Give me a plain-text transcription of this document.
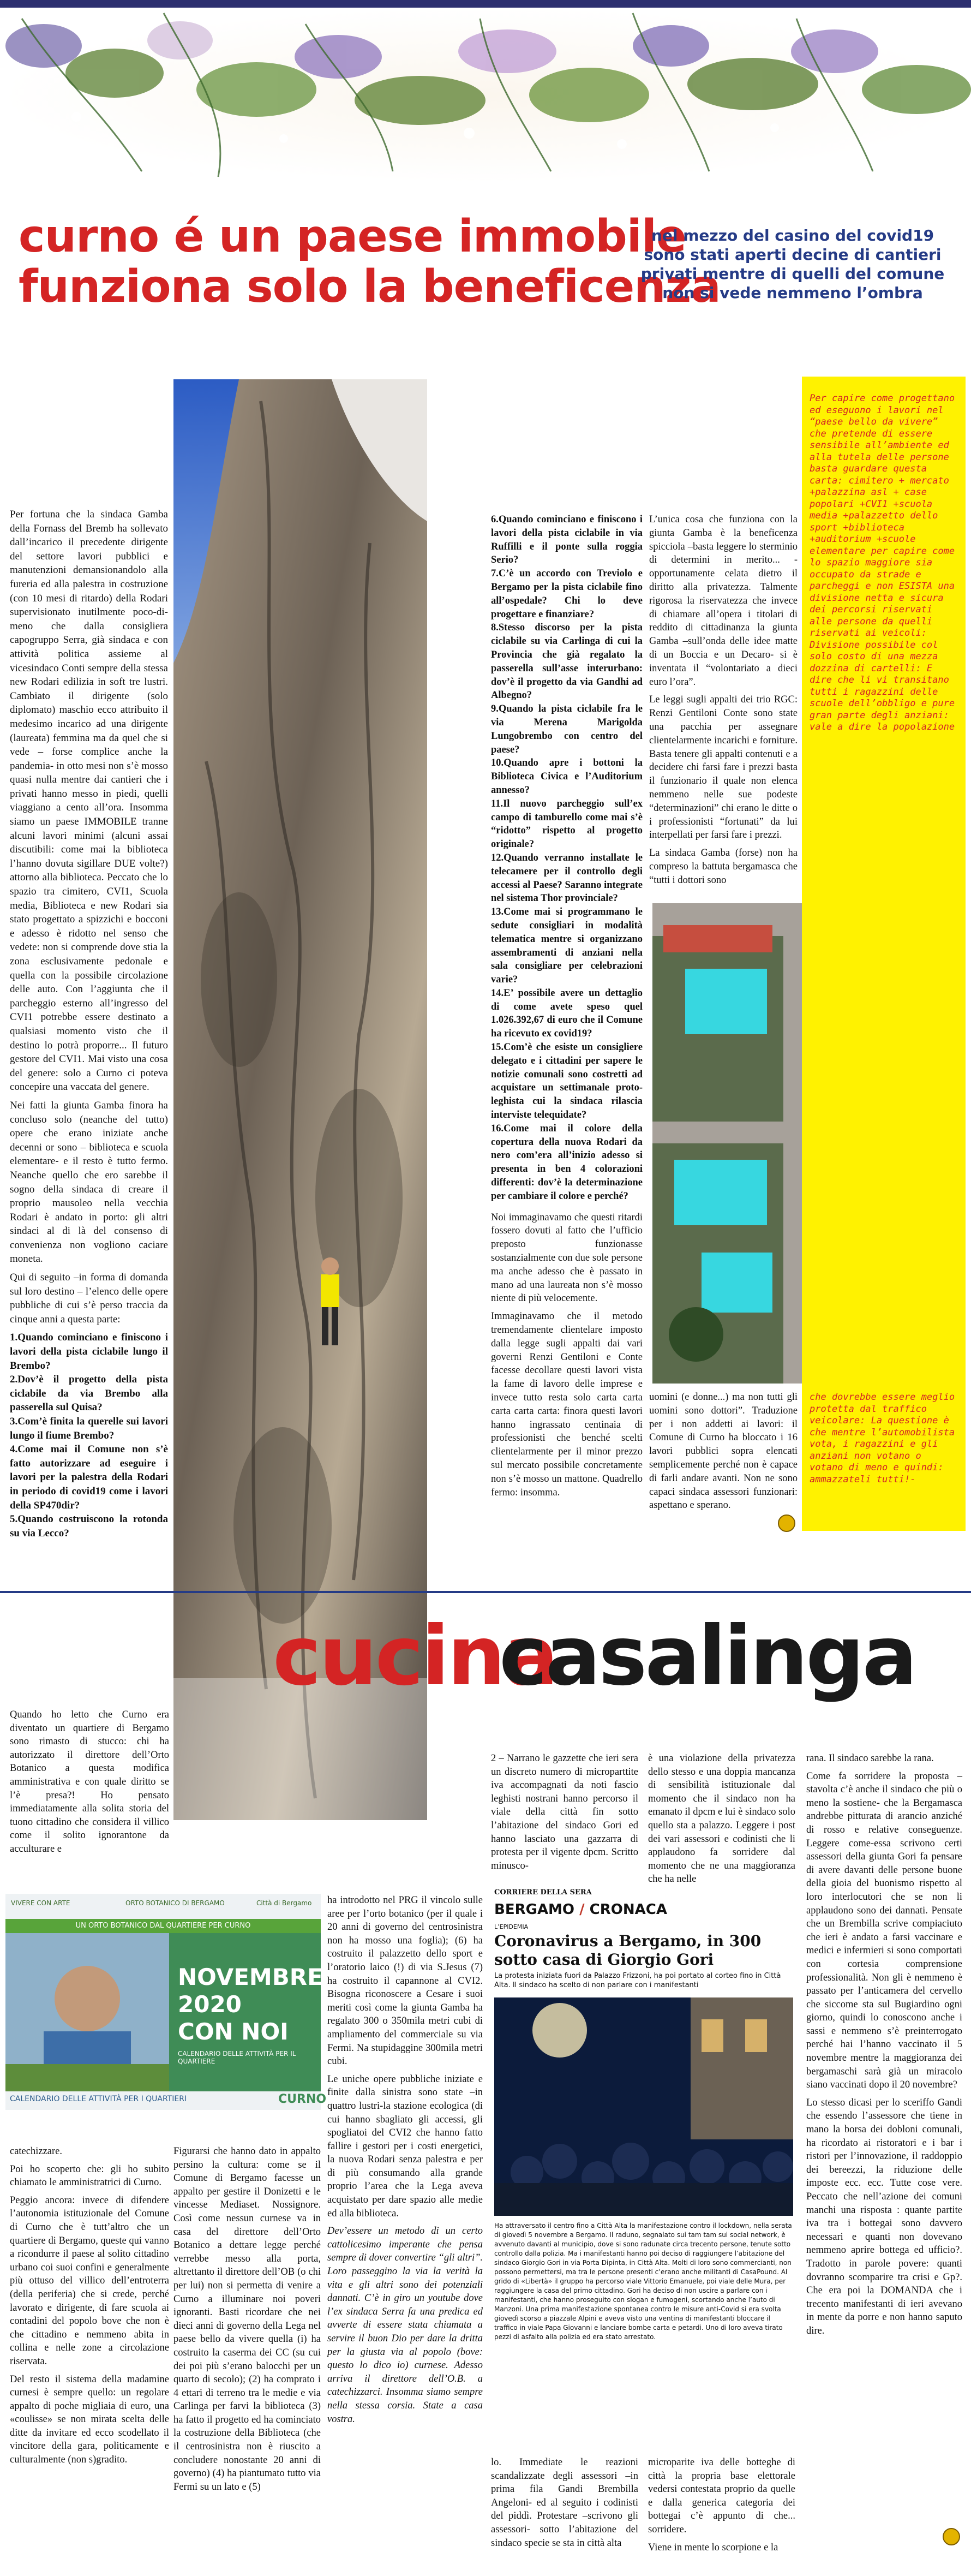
curno é un paese immobile
funziona solo la beneficenza
nel mezzo del casino del covid19
sono stati aperti decine di cantieri
privati mentre di quelli del comune
non si vede nemmeno l’ombra

Per fortuna che la sindaca Gamba della Fornass del Bremb ha sollevato dall’incarico il precedente dirigente del settore lavori pubblici e manutenzioni demansionandolo alla fureria ed alla palestra in costruzione (con 10 mesi di ritardo) della Rodari supervisionato inutilmente poco-di-meno che dalla consigliera capogruppo Serra, già sindaca e con attività politica assieme al vicesindaco Conti sempre della stessa new Rodari edilizia in soft tre lustri. Cambiato il dirigente (solo diplomato) maschio ecco attribuito il medesimo incarico ad una dirigente (laureata) femmina ma da quel che si vede – forse complice anche la pandemia- in otto mesi non s’è mosso quasi nulla mentre dai cantieri che i privati hanno messo in piedi, quelli viaggiano a cento all’ora. Insomma siamo un paese IMMOBILE tranne alcuni lavori minimi (alcuni assai discutibili: come mai la biblioteca l’hanno dovuta sigillare DUE volte?) attorno alla biblioteca. Peccato che lo spazio tra cimitero, CVI1, Scuola media, Biblioteca e new Rodari sia stato progettato a spizzichi e bocconi e adesso è ridotto nel senso che vedete: non si comprende dove stia la zona esclusivamente pedonale e quella con la possibile circolazione delle auto. Con l’aggiunta che il parcheggio esterno all’ingresso del CVI1 potrebbe essere destinato a qualsiasi momento visto che il destino lo potrà proporre... Il futuro gestore del CVI1. Mai visto una cosa del genere: solo a Curno ci poteva concepire una vaccata del genere.

Nei fatti la giunta Gamba finora ha concluso solo (neanche del tutto) opere che erano iniziate anche decenni or sono – biblioteca e scuola elementare- e il resto è tutto fermo. Neanche quello che ero sarebbe il sogno della sindaca di creare il proprio mausoleo nella vecchia Rodari è andato in porto: gli altri sindaci al di là del consenso di convenienza non vogliono caciare moneta.

Qui di seguito –in forma di domanda sul loro destino – l’elenco delle opere pubbliche di cui s’è perso traccia da cinque anni a questa parte:

1.Quando cominciano e finiscono i lavori della pista ciclabile lungo il Brembo?
2.Dov’è il progetto della pista ciclabile da via Brembo alla passerella sul Quisa?
3.Com’è finita la querelle sui lavori lungo il fiume Brembo?
4.Come mai il Comune non s’è fatto autorizzare ad eseguire i lavori per la palestra della Rodari in periodo di covid19 come i lavori della SP470dir?
5.Quando costruiscono la rotonda su via Lecco?
6.Quando cominciano e finiscono i lavori della pista ciclabile in via Ruffilli e il ponte sulla roggia Serio?
7.C’è un accordo con Treviolo e Bergamo per la pista ciclabile fino all’ospedale? Chi lo deve progettare e finanziare?
8.Stesso discorso per la pista ciclabile su via Carlinga di cui la Provincia che già regalato la passerella sull’asse interurbano: dov’è il progetto da via Gandhi ad Albegno?
9.Quando la pista ciclabile fra le via Merena Marigolda Lungobrembo con centro del paese?
10.Quando apre i bottoni la Biblioteca Civica e l’Auditorium annesso?
11.Il nuovo parcheggio sull’ex campo di tamburello come mai s’è “ridotto” rispetto al progetto originale?
12.Quando verranno installate le telecamere per il controllo degli accessi al Paese? Saranno integrate nel sistema Thor provinciale?
13.Come mai si programmano le sedute consigliari in modalità telematica mentre si organizzano assembramenti di anziani nella sala consigliare per celebrazioni varie?
14.E’ possibile avere un dettaglio di come avete speso quel 1.026.392,67 di euro che il Comune ha ricevuto ex covid19?
15.Com’è che esiste un consigliere delegato e i cittadini per sapere le notizie comunali sono costretti ad acquistare un settimanale proto-leghista cui la sindaca rilascia interviste telequidate?
16.Come mai il colore della copertura della nuova Rodari da nero com’era all’inizio adesso si presenta in ben 4 colorazioni differenti: dov’è la determinazione per cambiare il colore e perché?

Noi immaginavamo che questi ritardi fossero dovuti al fatto che l’ufficio preposto funzionasse sostanzialmente con due sole persone ma anche adesso che è passato in mano ad una laureata non s’è mosso niente di più velocemente.

Immaginavamo che il metodo tremendamente clientelare imposto dalla legge sugli appalti dai vari governi Renzi Gentiloni e Conte facesse decollare questi lavori vista la fame di lavoro delle imprese e invece tutto resta solo carta carta carta carta carta: finora questi lavori hanno ingrassato centinaia di professionisti che benché scelti clientelarmente per il minor prezzo sul mercato possibile concretamente non s’è mosso un mattone. Quadrello fermo: insomma.

L’unica cosa che funziona con la giunta Gamba è la beneficenza spicciola –basta leggere lo sterminio di determini in merito... - opportunamente celata dietro il diritto alla privatezza. Talmente rigorosa la riservatezza che invece di chiamare all’opera i titolari di reddito di cittadinanza la giunta Gamba –sull’onda delle idee matte di un Boccia e un Decaro- si è inventata il “volontariato a dieci euro l’ora”.

Le leggi sugli appalti dei trio RGC: Renzi Gentiloni Conte sono state una pacchia per assegnare clientelarmente incarichi e forniture. Basta tenere gli appalti contenuti e a decidere chi farsi fare i prezzi basta il funzionario il quale non elenca nemmeno nelle sue podeste “determinazioni” chi erano le ditte o i professionisti “fortunati” da lui interpellati per farsi fare i prezzi.

La sindaca Gamba (forse) non ha compreso la battuta bergamasca che “tutti i dottori sono

uomini (e donne...) ma non tutti gli uomini sono dottori”. Traduzione per i non addetti ai lavori: il Comune di Curno ha bloccato i 16 lavori pubblici sopra elencati semplicemente perché non è capace di farli andare avanti. Non ne sono capaci sindaca assessori funzionari: aspettano e sperano.

Per capire come progettano ed eseguono i lavori nel “paese bello da vivere” che pretende di essere sensibile all’ambiente ed alla tutela delle persone basta guardare questa carta: cimitero + mercato +palazzina asl + case popolari +CVI1 +scuola media +palazzetto dello sport +biblioteca +auditorium +scuole elementare per capire come lo spazio maggiore sia occupato da strade e parcheggi e non ESISTA una divisione netta e sicura dei percorsi riservati alle persone da quelli riservati ai veicoli: Divisione possibile col solo costo di una mezza dozzina di cartelli: E dire che li vi transitano tutti i ragazzini delle scuole dell’obbligo e pure gran parte degli anziani: vale a dire la popolazione
che dovrebbe essere meglio protetta dal traffico veicolare: La questione è che mentre l’automobilista vota, i ragazzini e gli anziani non votano o votano di meno e quindi: ammazzateli tutti!-
cucina
casalinga

Quando ho letto che Curno era diventato un quartiere di Bergamo sono rimasto di stucco: chi ha autorizzato il direttore dell’Orto Botanico a questa modifica amministrativa e con quale diritto se l’è presa?! Ho pensato immediatamente alla solita storia del tuono cittadino che considera il villico come il solito ignorantone da acculturare e

VIVERE CON ARTE	ORTO BOTANICO DI BERGAMO	Città di Bergamo
UN ORTO BOTANICO DAL QUARTIERE PER CURNO
NOVEMBRE
2020
CON NOI
CALENDARIO DELLE ATTIVITÀ PER IL QUARTIERE
CALENDARIO DELLE ATTIVITÀ PER I QUARTIERI	CURNO

catechizzare.

Poi ho scoperto che: gli ho subito chiamato le amministratrici di Curno.

Peggio ancora: invece di difendere l’autonomia istituzionale del Comune di Curno che è tutt’altro che un quartiere di Bergamo, queste qui vanno a ricondurre il paese al solito cittadino urbano coi suoi confini e generalmente più ottuso del villico dell’entroterra (della periferia) che si crede, perché lavorato e dirigente, di fare scuola ai contadini del popolo bove che non è che cittadino e nemmeno abita in collina e nelle zone a circolazione riservata.

Del resto il sistema della madamine curnesi è sempre quello: un regolare appalto di poche migliaia di euro, una «coulisse» se non mirata scelta delle ditte da invitare ed ecco scodellato il vincitore della gara, politicamente e culturalmente (non s)gradito.

Figurarsi che hanno dato in appalto persino la cultura: come se il Comune di Bergamo facesse un appalto per gestire il Donizetti e le vincesse Mediaset. Nossignore. Così come nessun curnese va in casa del direttore dell’Orto Botanico a dettare legge perché verrebbe messo alla porta, altrettanto il direttore dell’OB (o chi per lui) non si permetta di venire a Curno a illuminare noi poveri ignoranti. Basti ricordare che nei dieci anni di governo della Lega nel paese bello da vivere quella (i) ha costruito la caserma dei CC (su cui dei poi più s’erano balocchi per un quarto di secolo); (2) ha comprato i 4 ettari di terreno tra le medie e via Carlinga per farvi la biblioteca (3) ha fatto il progetto ed ha cominciato la costruzione della Biblioteca (che il centrosinistra non è riuscito a concludere nonostante 20 anni di governo) (4) ha piantumato tutto via Fermi su un lato e (5)

ha introdotto nel PRG il vincolo sulle aree per l’orto botanico (per il quale i 20 anni di governo del centrosinistra non ha mosso una foglia); (6) ha costruito il palazzetto dello sport e l’oratorio laico (!) di via S.Jesus (7) ha costruito il capannone al CVI2. Bisogna riconoscere a Cesare i suoi meriti così come la giunta Gamba ha regalato 300 o 350mila metri cubi di ampliamento del commerciale su via Fermi. Na stupidaggine 300mila metri cubi.

Le uniche opere pubbliche iniziate e finite dalla sinistra sono state –in quattro lustri-la stazione ecologica (di cui hanno sbagliato gli accessi, gli spogliatoi del CVI2 che hanno fatto fallire i gestori per i costi energetici, la nuova Rodari senza palestra e per di più consumando alla grande proprio l’area che la Lega aveva acquistato per dare spazio alle medie ed alla biblioteca.

Dev’essere un metodo di un certo cattolicesimo imperante che pensa sempre di dover convertire “gli altri”. Loro passeggino la via la verità la vita e gli altri sono dei potenziali dannati. C’è in giro un youtube dove l’ex sindaca Serra fa una predica ed avverte di essere stata chiamata a servire il buon Dio per dare la dritta per la giusta via al popolo (bove: questo lo dico io) curnese. Adesso arriva il direttore dell’O.B. a catechizzarci. Insomma siamo sempre nella stessa corsia. State a casa vostra.

2 – Narrano le gazzette che ieri sera un discreto numero di microparttite iva accompagnati da noti fascio leghisti nostrani hanno percorso il viale della città fin sotto l’abitazione del sindaco Gori ed hanno lasciato una gazzarra di protesta per il vigente dpcm. Scritto minusco-

è una violazione della privatezza dello stesso e una doppia mancanza di sensibilità istituzionale dal momento che il sindaco non ha emanato il dpcm e lui è sindaco solo quello sta a palazzo. Leggere i post dei vari assessori e codinisti che li applaudono fa sorridere dal momento che ne una maggioranza che ha nelle

CORRIERE DELLA SERA
BERGAMO / CRONACA
L’EPIDEMIA
Coronavirus a Bergamo, in 300 sotto casa di Giorgio Gori
La protesta iniziata fuori da Palazzo Frizzoni, ha poi portato al corteo fino in Città Alta. Il sindaco ha scelto di non parlare con i manifestanti
Ha attraversato il centro fino a Città Alta la manifestazione contro il lockdown, nella serata di giovedì 5 novembre a Bergamo. Il raduno, segnalato sui tam tam sui social network, è avvenuto davanti al municipio, dove si sono radunate circa trecento persone, tenute sotto controllo dalla polizia. Ma i manifestanti hanno poi deciso di raggiungere l’abitazione del sindaco Giorgio Gori in via Porta Dipinta, in Città Alta. Molti di loro sono commercianti, non possono permettersi, ma tra le persone presenti c’erano anche militanti di CasaPound. Al grido di «Libertà» il gruppo ha percorso viale Vittorio Emanuele, poi viale delle Mura, per raggiungere la casa del primo cittadino. Gori ha deciso di non uscire a parlare con i manifestanti, che hanno proseguito con slogan e fumogeni, scortando anche l’auto di Manzoni. Una prima manifestazione spontanea contro le misure anti-Covid si era svolta giovedì scorso a piazzale Alpini e aveva visto una ventina di manifestanti bloccare il traffico in viale Papa Giovanni e lanciare bombe carta e petardi. Uno di loro aveva tirato pezzi di asfalto alla polizia ed era stato arrestato.

lo. Immediate le reazioni scandalizzate degli assessori –in prima fila Gandi Brembilla Angeloni- ed al seguito i codinisti del piddì. Protestare –scrivono gli assessori- sotto l’abitazione del sindaco specie se sta in città alta

microparite iva delle botteghe di città la propria base elettorale vedersi contestata proprio da quelle e dalla generica categoria dei bottegai c’è appunto di che... sorridere.

Viene in mente lo scorpione e la

rana. Il sindaco sarebbe la rana.

Come fa sorridere la proposta –stavolta c’è anche il sindaco che più o meno la sostiene- che la Bergamasca andrebbe pitturata di arancio anziché di rosso e relative conseguenze. Leggere come-essa scrivono certi assessori della giunta Gori fa pensare di avere davanti delle persone buone della gioia del buonismo rispetto al loro interlocutori che se non li applaudono sono dei dannati. Pensate che un Brembilla scrive compiaciuto che ieri è andato a farsi vaccinare e medici e infermieri si sono comportati con cortesia comprensione professionalità. Non gli è nemmeno è passato per l’anticamera del cervello che siccome sta sul Bugiardino ogni giorno, quindi lo conoscono anche i sassi e nemmeno s’è preinterrogato perché hai l’hanno vaccinato il 5 novembre mentre la maggioranza dei bergamaschi sarà già un miracolo siano vaccinati dopo il 20 novembre?

Lo stesso dicasi per lo sceriffo Gandi che essendo l’assessore che tiene in mano la borsa dei dobloni comunali, ha ricordato ai ristoratori e i bar i ristori per l’innovazione, il raddoppio dei bereezzi, la riduzione delle imposte ecc. ecc. Tutte cose vere. Peccato che nell’azione dei comuni manchi una risposta : quante partite iva tra i bottegai sono davvero necessari e quanti non dovevano nemmeno aprire bottega ed ufficio?. Tradotto in parole povere: quanti dovranno scomparire tra crisi e Gp?. Che era poi la DOMANDA che i trecento manifestanti di ieri avevano in mente da porre e non hanno saputo dire.
